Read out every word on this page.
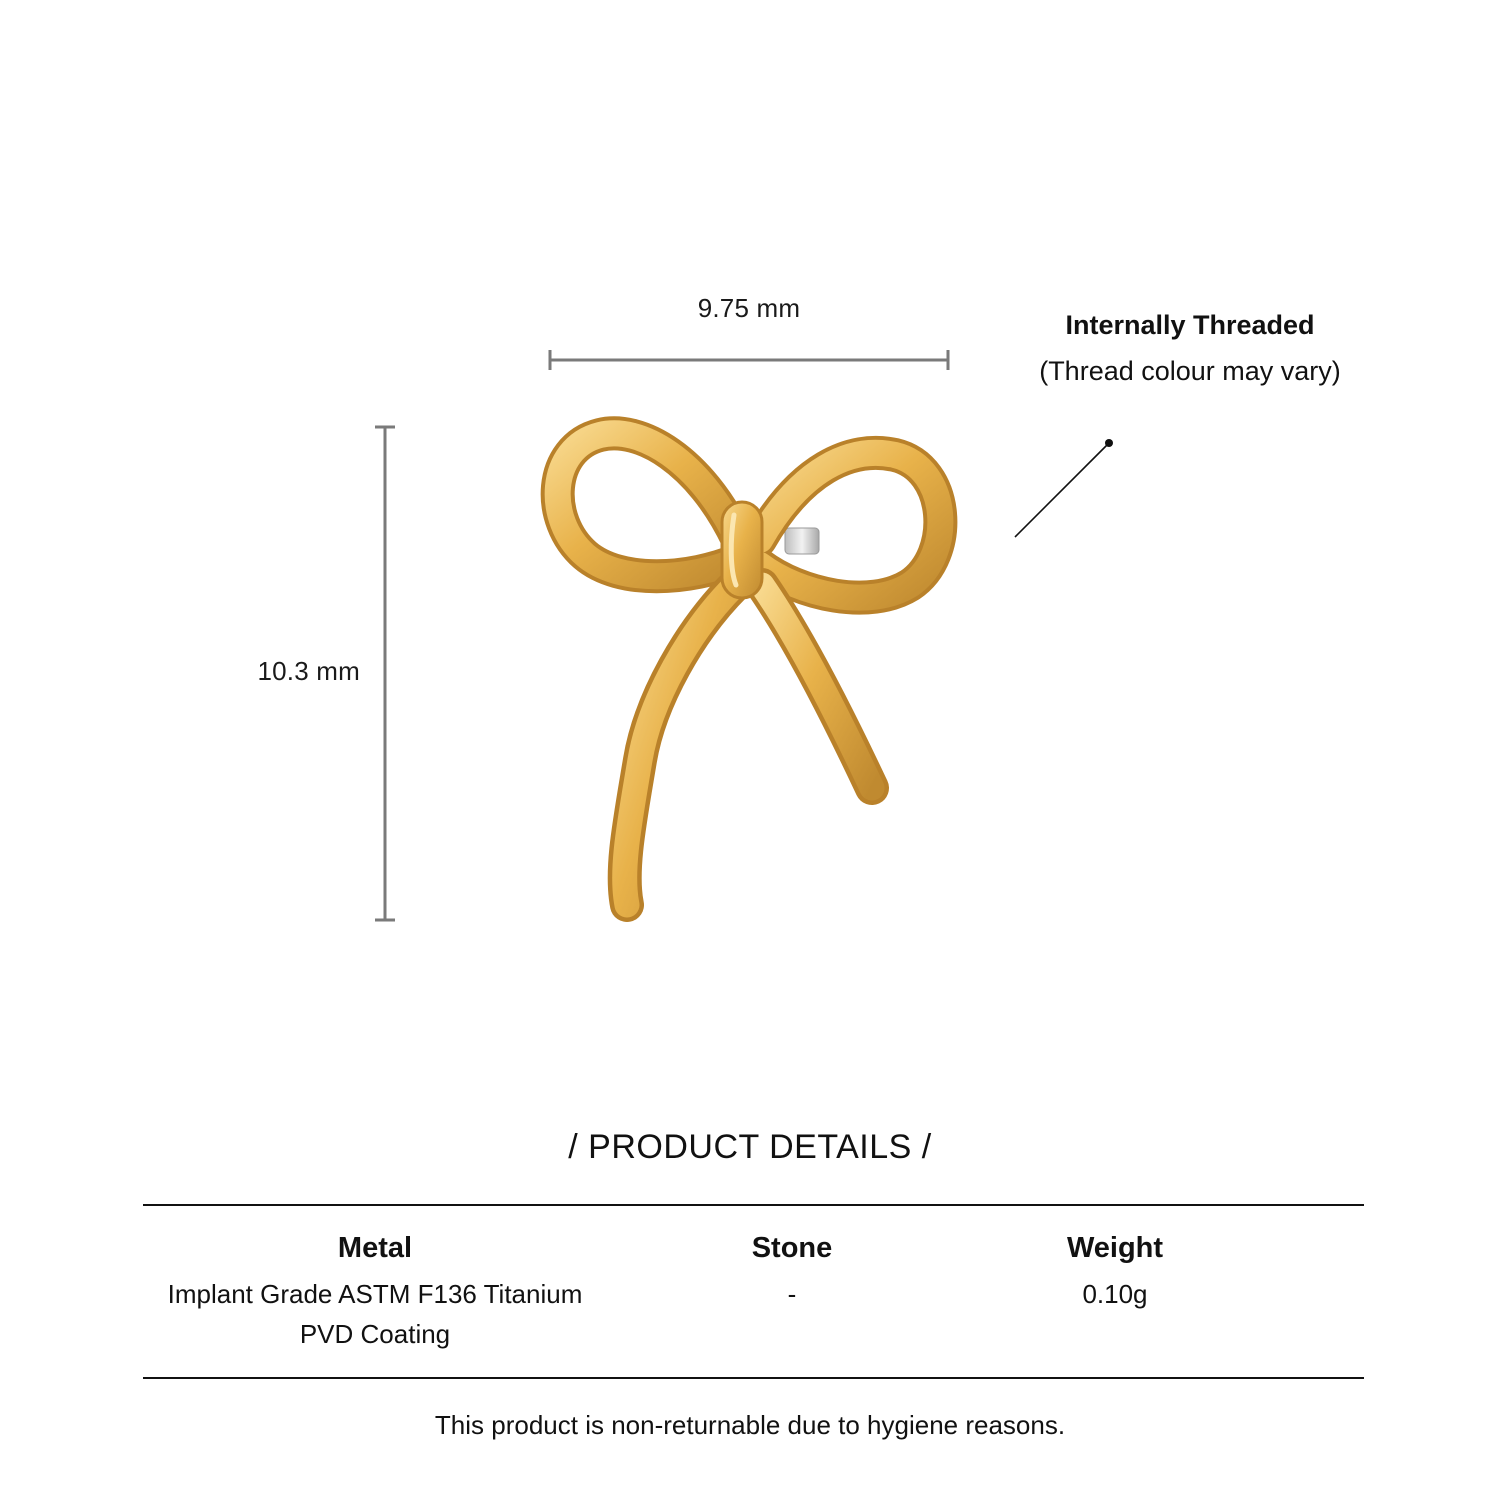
9.75 mm
10.3 mm
Internally Threaded
(Thread colour may vary)
/ PRODUCT DETAILS /
Metal
Implant Grade ASTM F136 Titanium
PVD Coating
Stone
-
Weight
0.10g
This product is non-returnable due to hygiene reasons.
